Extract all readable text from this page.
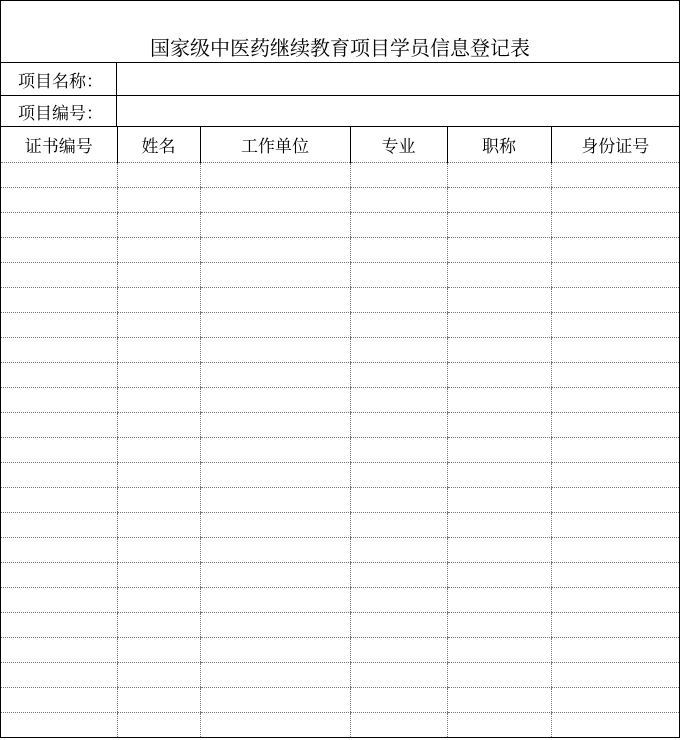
国家级中医药继续教育项目学员信息登记表
项目名称：
项目编号：
证书编号	姓名	工作单位	专业	职称	身份证号
